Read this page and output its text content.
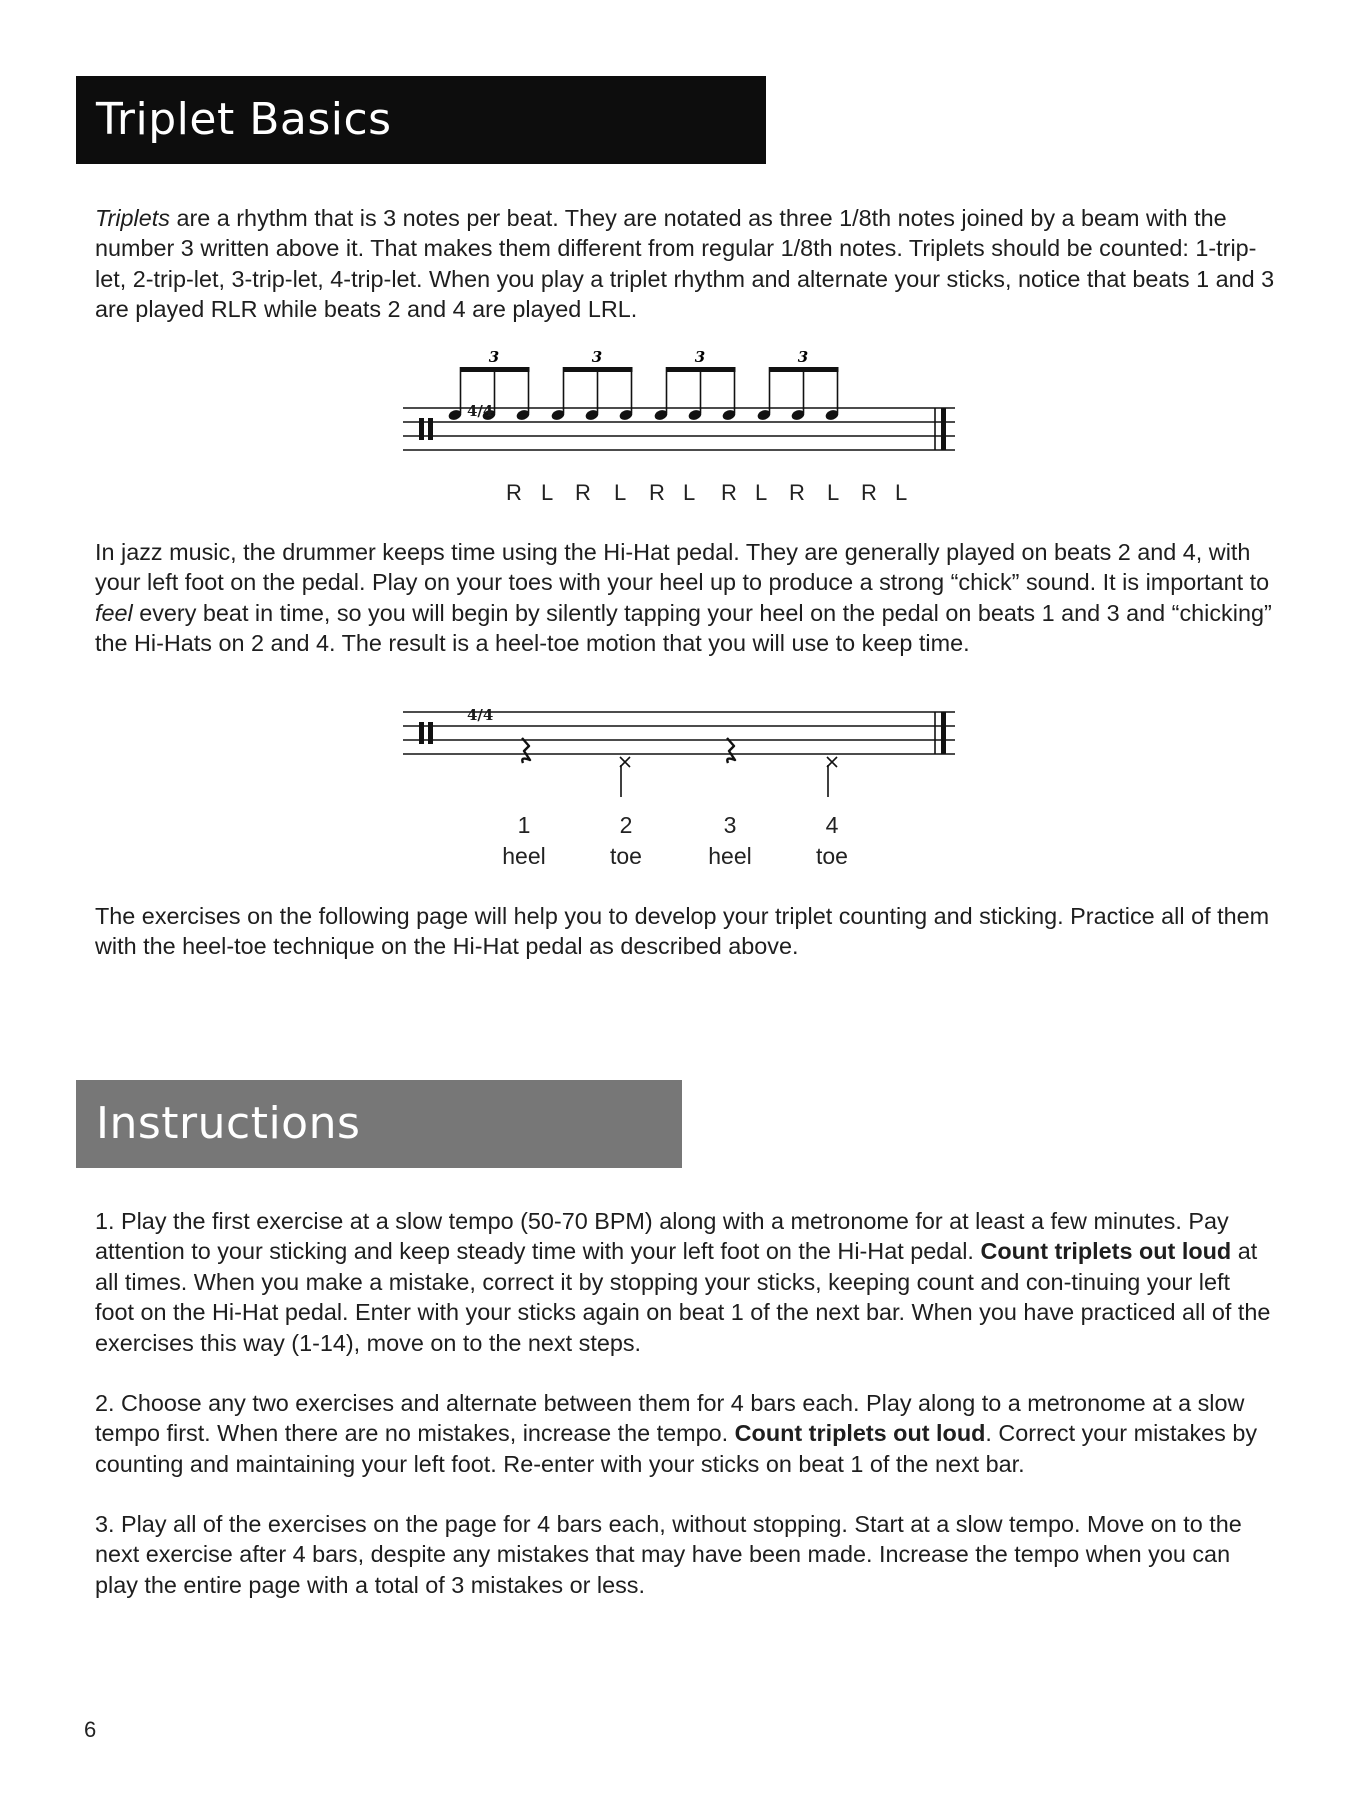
Triplet Basics

Triplets are a rhythm that is 3 notes per beat. They are notated as three 1/8th notes joined by a beam with the number 3 written above it. That makes them different from regular 1/8th notes. Triplets should be counted: 1-trip-let, 2-trip-let, 3-trip-let, 4-trip-let. When you play a triplet rhythm and alternate your sticks, notice that beats 1 and 3 are played RLR while beats 2 and 4 are played LRL.

3	3	3	3
4/4
R L R L R L R L R L R L

In jazz music, the drummer keeps time using the Hi-Hat pedal. They are generally played on beats 2 and 4, with your left foot on the pedal. Play on your toes with your heel up to produce a strong “chick” sound. It is important to feel every beat in time, so you will begin by silently tapping your heel on the pedal on beats 1 and 3 and “chicking” the Hi-Hats on 2 and 4. The result is a heel-toe motion that you will use to keep time.

4/4
1
heel
2
toe
3
heel
4
toe

The exercises on the following page will help you to develop your triplet counting and sticking. Practice all of them with the heel-toe technique on the Hi-Hat pedal as described above.

Instructions

1. Play the first exercise at a slow tempo (50-70 BPM) along with a metronome for at least a few minutes. Pay attention to your sticking and keep steady time with your left foot on the Hi-Hat pedal. Count triplets out loud at all times. When you make a mistake, correct it by stopping your sticks, keeping count and con-tinuing your left foot on the Hi-Hat pedal. Enter with your sticks again on beat 1 of the next bar. When you have practiced all of the exercises this way (1-14), move on to the next steps.

2. Choose any two exercises and alternate between them for 4 bars each. Play along to a metronome at a slow tempo first. When there are no mistakes, increase the tempo. Count triplets out loud. Correct your mistakes by counting and maintaining your left foot. Re-enter with your sticks on beat 1 of the next bar.

3. Play all of the exercises on the page for 4 bars each, without stopping. Start at a slow tempo. Move on to the next exercise after 4 bars, despite any mistakes that may have been made. Increase the tempo when you can play the entire page with a total of 3 mistakes or less.

6
